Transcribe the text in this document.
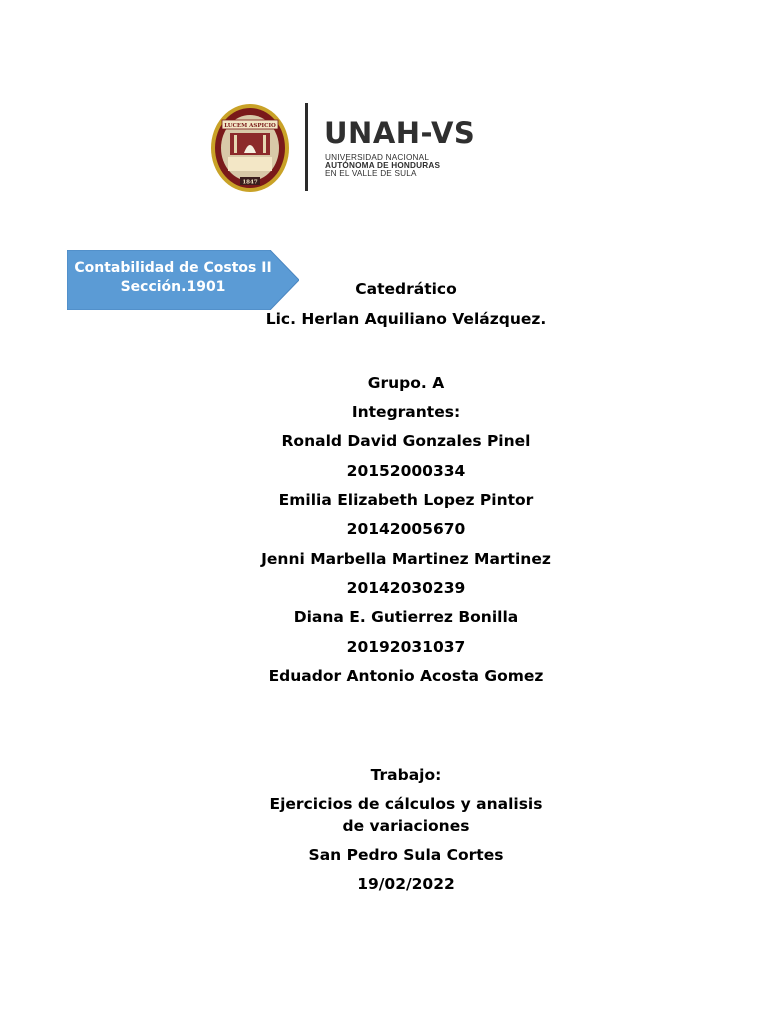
LUCEM ASPICIO
1847
UNAH-VS
UNIVERSIDAD NACIONAL
AUTÓNOMA DE HONDURAS
EN EL VALLE DE SULA
Contabilidad de Costos II
Sección.1901	Catedrático
Lic. Herlan Aquiliano Velázquez.
Grupo. A
Integrantes:
Ronald David Gonzales Pinel
20152000334
Emilia Elizabeth Lopez Pintor
20142005670
Jenni Marbella Martinez Martinez
20142030239
Diana E. Gutierrez Bonilla
20192031037
Eduador Antonio Acosta Gomez
Trabajo:
Ejercicios de cálculos y analisis
de variaciones
San Pedro Sula Cortes
19/02/2022
